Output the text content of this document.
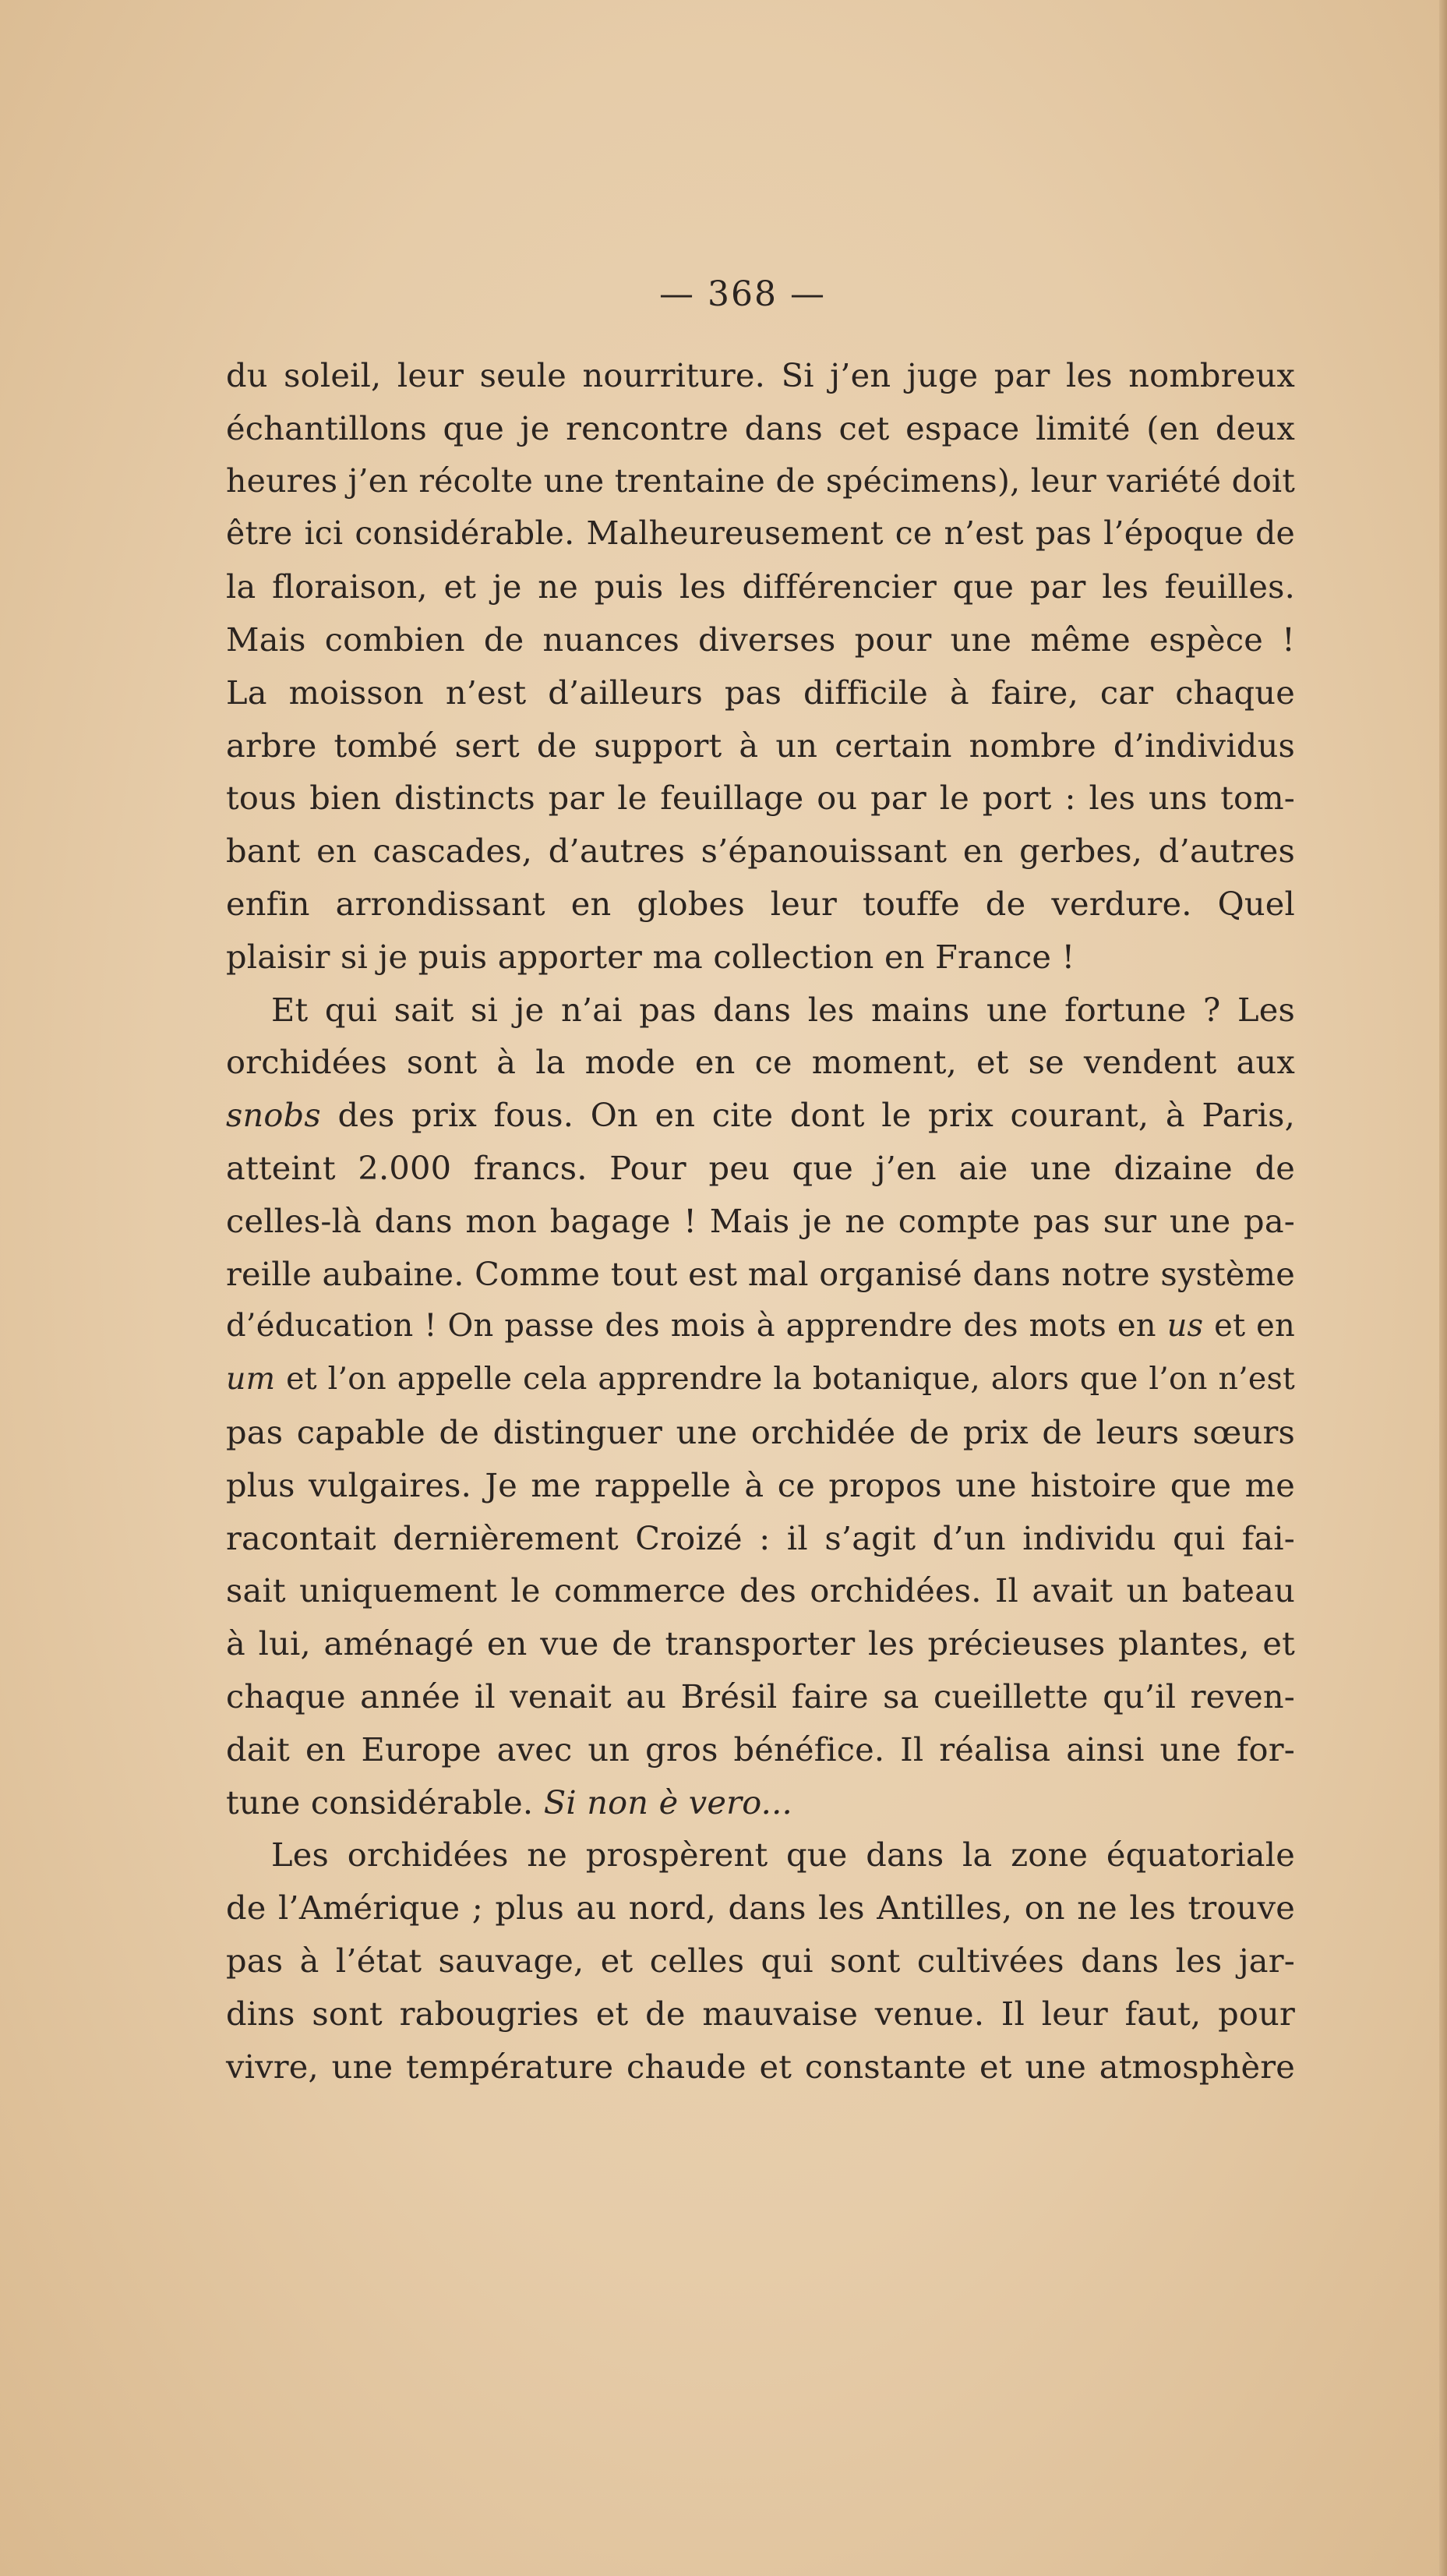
— 368 —
du soleil, leur seule nourriture. Si j’en juge par les nombreux
échantillons que je rencontre dans cet espace limité (en deux
heures j’en récolte une trentaine de spécimens), leur variété doit
être ici considérable. Malheureusement ce n’est pas l’époque de
la floraison, et je ne puis les différencier que par les feuilles.
Mais combien de nuances diverses pour une même espèce !
La moisson n’est d’ailleurs pas difficile à faire, car chaque
arbre tombé sert de support à un certain nombre d’individus
tous bien distincts par le feuillage ou par le port : les uns tom-
bant en cascades, d’autres s’épanouissant en gerbes, d’autres
enfin arrondissant en globes leur touffe de verdure. Quel
plaisir si je puis apporter ma collection en France !
Et qui sait si je n’ai pas dans les mains une fortune ? Les
orchidées sont à la mode en ce moment, et se vendent aux
snobs des prix fous. On en cite dont le prix courant, à Paris,
atteint 2.000 francs. Pour peu que j’en aie une dizaine de
celles-là dans mon bagage ! Mais je ne compte pas sur une pa-
reille aubaine. Comme tout est mal organisé dans notre système
d’éducation ! On passe des mois à apprendre des mots en us et en
um et l’on appelle cela apprendre la botanique, alors que l’on n’est
pas capable de distinguer une orchidée de prix de leurs sœurs
plus vulgaires. Je me rappelle à ce propos une histoire que me
racontait dernièrement Croizé : il s’agit d’un individu qui fai-
sait uniquement le commerce des orchidées. Il avait un bateau
à lui, aménagé en vue de transporter les précieuses plantes, et
chaque année il venait au Brésil faire sa cueillette qu’il reven-
dait en Europe avec un gros bénéfice. Il réalisa ainsi une for-
tune considérable. Si non è vero...
Les orchidées ne prospèrent que dans la zone équatoriale
de l’Amérique ; plus au nord, dans les Antilles, on ne les trouve
pas à l’état sauvage, et celles qui sont cultivées dans les jar-
dins sont rabougries et de mauvaise venue. Il leur faut, pour
vivre, une température chaude et constante et une atmosphère
